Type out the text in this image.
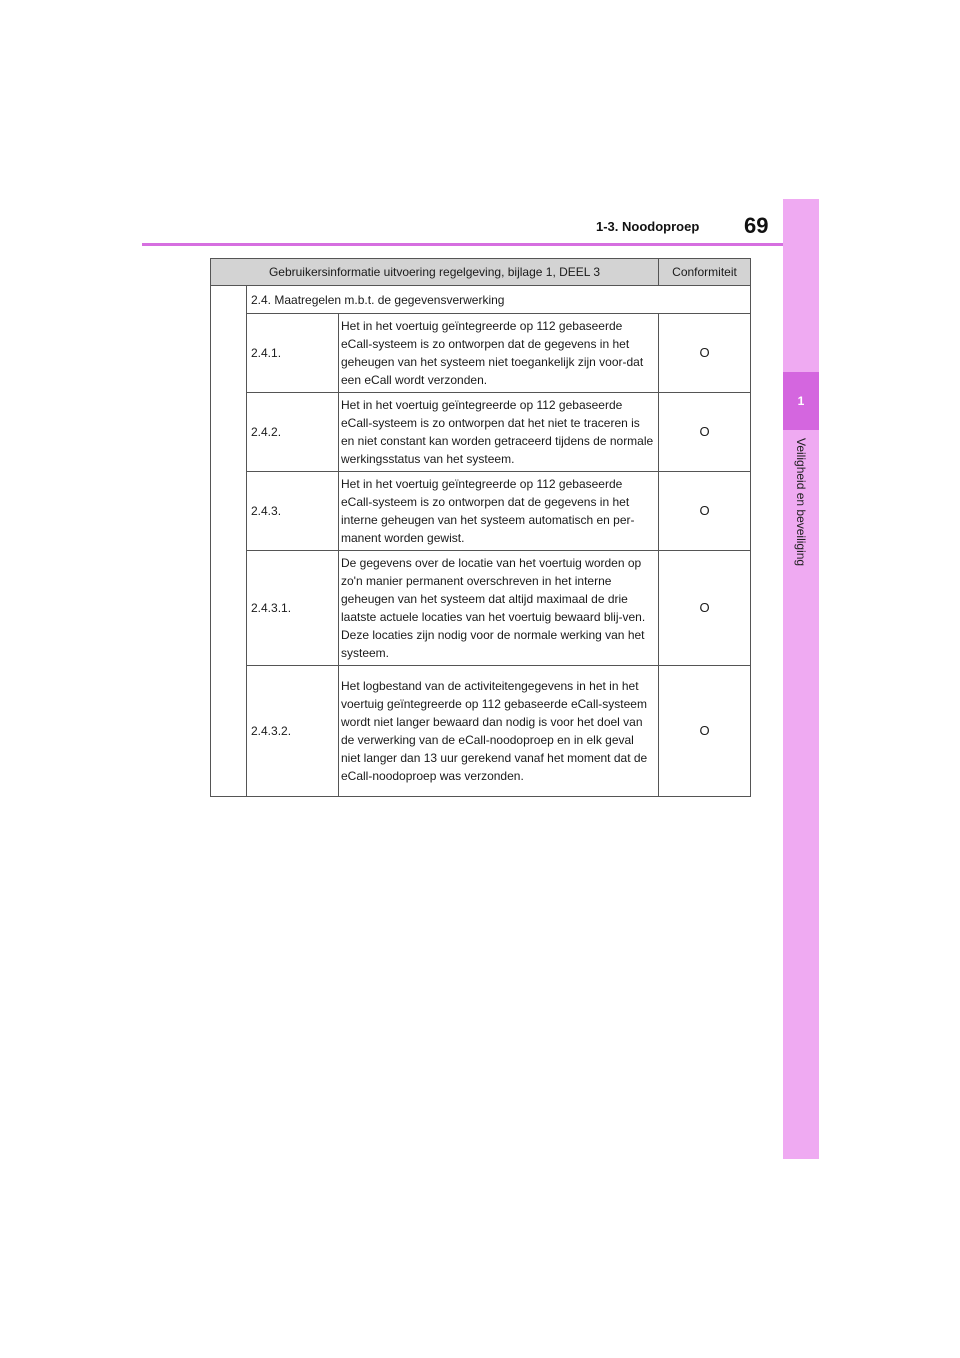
69
1-3. Noodoproep
1
Veiligheid en beveiliging
Gebruikersinformatie uitvoering regelgeving, bijlage 1, DEEL 3			Conformiteit
	2.4. Maatregelen m.b.t. de gegevensverwerking		
	2.4.1.	Het in het voertuig geïntegreerde op 112 gebaseerde eCall-systeem is zo ontworpen dat de gegevens in het geheugen van het systeem niet toegankelijk zijn voor-dat een eCall wordt verzonden.	O
	2.4.2.	Het in het voertuig geïntegreerde op 112 gebaseerde eCall-systeem is zo ontworpen dat het niet te traceren is en niet constant kan worden getraceerd tijdens de normale werkingsstatus van het systeem.	O
	2.4.3.	Het in het voertuig geïntegreerde op 112 gebaseerde eCall-systeem is zo ontworpen dat de gegevens in het interne geheugen van het systeem automatisch en per-manent worden gewist.	O
	2.4.3.1.	De gegevens over de locatie van het voertuig worden op zo'n manier permanent overschreven in het interne geheugen van het systeem dat altijd maximaal de drie laatste actuele locaties van het voertuig bewaard blij-ven. Deze locaties zijn nodig voor de normale werking van het systeem.	O
	2.4.3.2.	Het logbestand van de activiteitengegevens in het in het voertuig geïntegreerde op 112 gebaseerde eCall-systeem wordt niet langer bewaard dan nodig is voor het doel van de verwerking van de eCall-noodoproep en in elk geval niet langer dan 13 uur gerekend vanaf het moment dat de eCall-noodoproep was verzonden.	O
